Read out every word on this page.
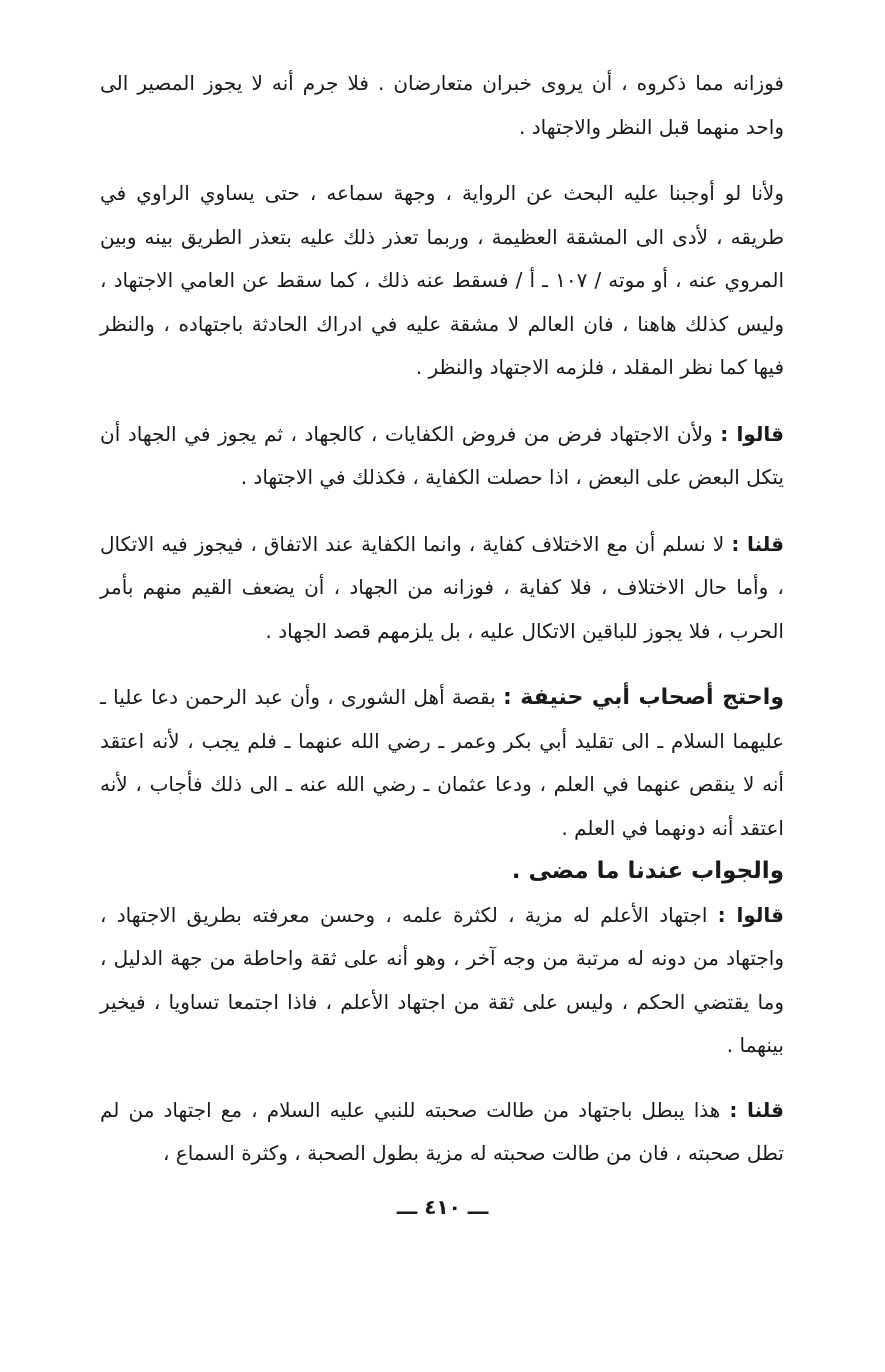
فوزانه مما ذكروه ، أن يروى خبران متعارضان . فلا جرم أنه لا يجوز المصير الى واحد منهما قبل النظر والاجتهاد .

ولأنا لو أوجبنا عليه البحث عن الرواية ، وجهة سماعه ، حتى يساوي الراوي في طريقه ، لأدى الى المشقة العظيمة ، وربما تعذر ذلك عليه بتعذر الطريق بينه وبين المروي عنه ، أو موته / ١٠٧ ـ أ / فسقط عنه ذلك ، كما سقط عن العامي الاجتهاد ، وليس كذلك هاهنا ، فان العالم لا مشقة عليه في ادراك الحادثة باجتهاده ، والنظر فيها كما نظر المقلد ، فلزمه الاجتهاد والنظر .

قالوا : ولأن الاجتهاد فرض من فروض الكفايات ، كالجهاد ، ثم يجوز في الجهاد أن يتكل البعض على البعض ، اذا حصلت الكفاية ، فكذلك في الاجتهاد .

قلنا : لا نسلم أن مع الاختلاف كفاية ، وانما الكفاية عند الاتفاق ، فيجوز فيه الاتكال ، وأما حال الاختلاف ، فلا كفاية ، فوزانه من الجهاد ، أن يضعف القيم منهم بأمر الحرب ، فلا يجوز للباقين الاتكال عليه ، بل يلزمهم قصد الجهاد .

واحتج أصحاب أبي حنيفة : بقصة أهل الشورى ، وأن عبد الرحمن دعا عليا ـ عليهما السلام ـ الى تقليد أبي بكر وعمر ـ رضي الله عنهما ـ فلم يجب ، لأنه اعتقد أنه لا ينقص عنهما في العلم ، ودعا عثمان ـ رضي الله عنه ـ الى ذلك فأجاب ، لأنه اعتقد أنه دونهما في العلم .

والجواب عندنا ما مضى .

قالوا : اجتهاد الأعلم له مزية ، لكثرة علمه ، وحسن معرفته بطريق الاجتهاد ، واجتهاد من دونه له مرتبة من وجه آخر ، وهو أنه على ثقة واحاطة من جهة الدليل ، وما يقتضي الحكم ، وليس على ثقة من اجتهاد الأعلم ، فاذا اجتمعا تساويا ، فيخير بينهما .

قلنا : هذا يبطل باجتهاد من طالت صحبته للنبي عليه السلام ، مع اجتهاد من لم تطل صحبته ، فان من طالت صحبته له مزية بطول الصحبة ، وكثرة السماع ،

ـــ ٤١٠ ـــ
